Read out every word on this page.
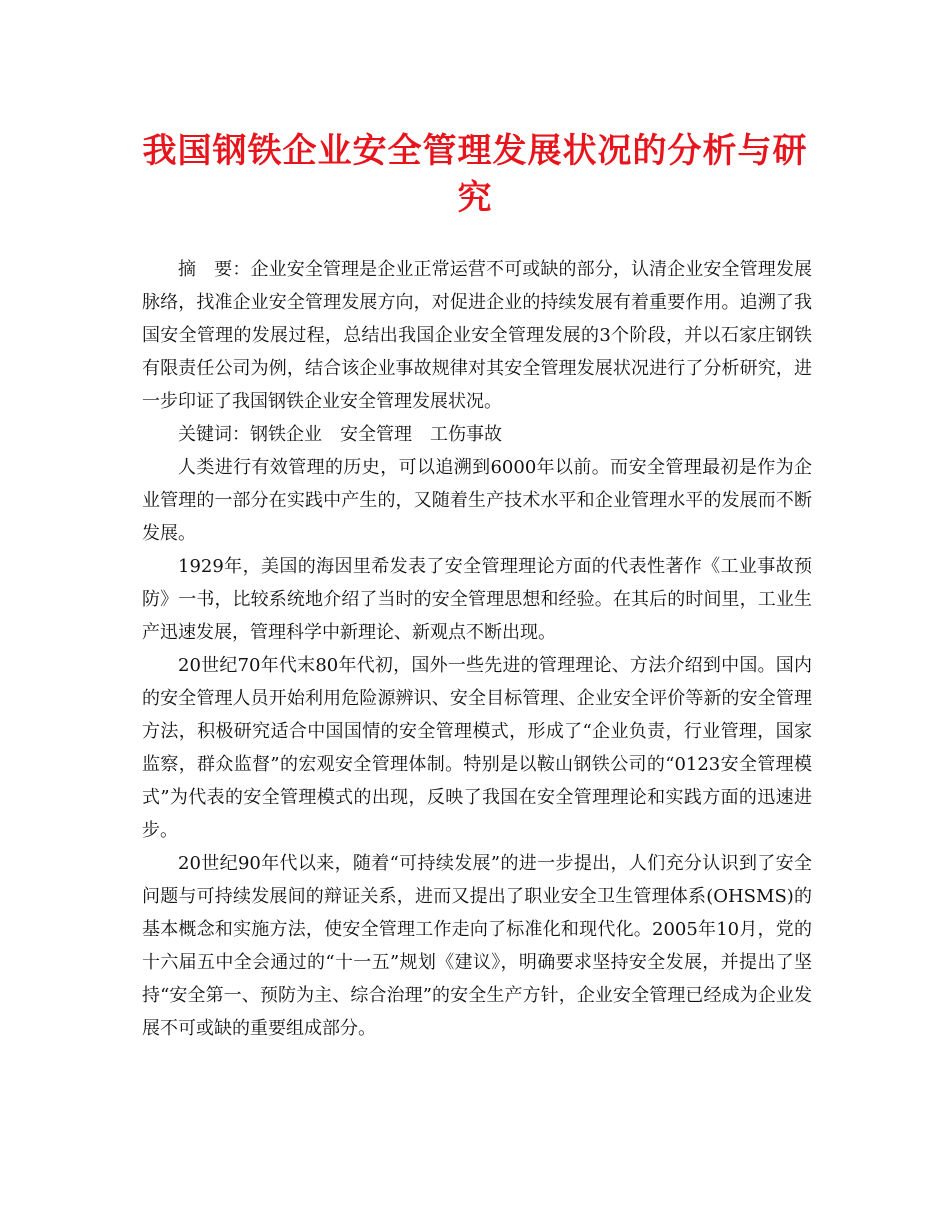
我国钢铁企业安全管理发展状况的分析与研究

摘　要：企业安全管理是企业正常运营不可或缺的部分，认清企业安全管理发展脉络，找准企业安全管理发展方向，对促进企业的持续发展有着重要作用。追溯了我国安全管理的发展过程，总结出我国企业安全管理发展的3个阶段，并以石家庄钢铁有限责任公司为例，结合该企业事故规律对其安全管理发展状况进行了分析研究，进一步印证了我国钢铁企业安全管理发展状况。

关键词：钢铁企业 安全管理 工伤事故

人类进行有效管理的历史，可以追溯到6000年以前。而安全管理最初是作为企业管理的一部分在实践中产生的，又随着生产技术水平和企业管理水平的发展而不断发展。

1929年，美国的海因里希发表了安全管理理论方面的代表性著作《工业事故预防》一书，比较系统地介绍了当时的安全管理思想和经验。在其后的时间里，工业生产迅速发展，管理科学中新理论、新观点不断出现。

20世纪70年代末80年代初，国外一些先进的管理理论、方法介绍到中国。国内的安全管理人员开始利用危险源辨识、安全目标管理、企业安全评价等新的安全管理方法，积极研究适合中国国情的安全管理模式，形成了“企业负责，行业管理，国家监察，群众监督”的宏观安全管理体制。特别是以鞍山钢铁公司的“0123安全管理模式”为代表的安全管理模式的出现，反映了我国在安全管理理论和实践方面的迅速进步。

20世纪90年代以来，随着“可持续发展”的进一步提出，人们充分认识到了安全问题与可持续发展间的辩证关系，进而又提出了职业安全卫生管理体系(OHSMS)的基本概念和实施方法，使安全管理工作走向了标准化和现代化。2005年10月，党的十六届五中全会通过的“十一五”规划《建议》，明确要求坚持安全发展，并提出了坚持“安全第一、预防为主、综合治理”的安全生产方针，企业安全管理已经成为企业发展不可或缺的重要组成部分。
